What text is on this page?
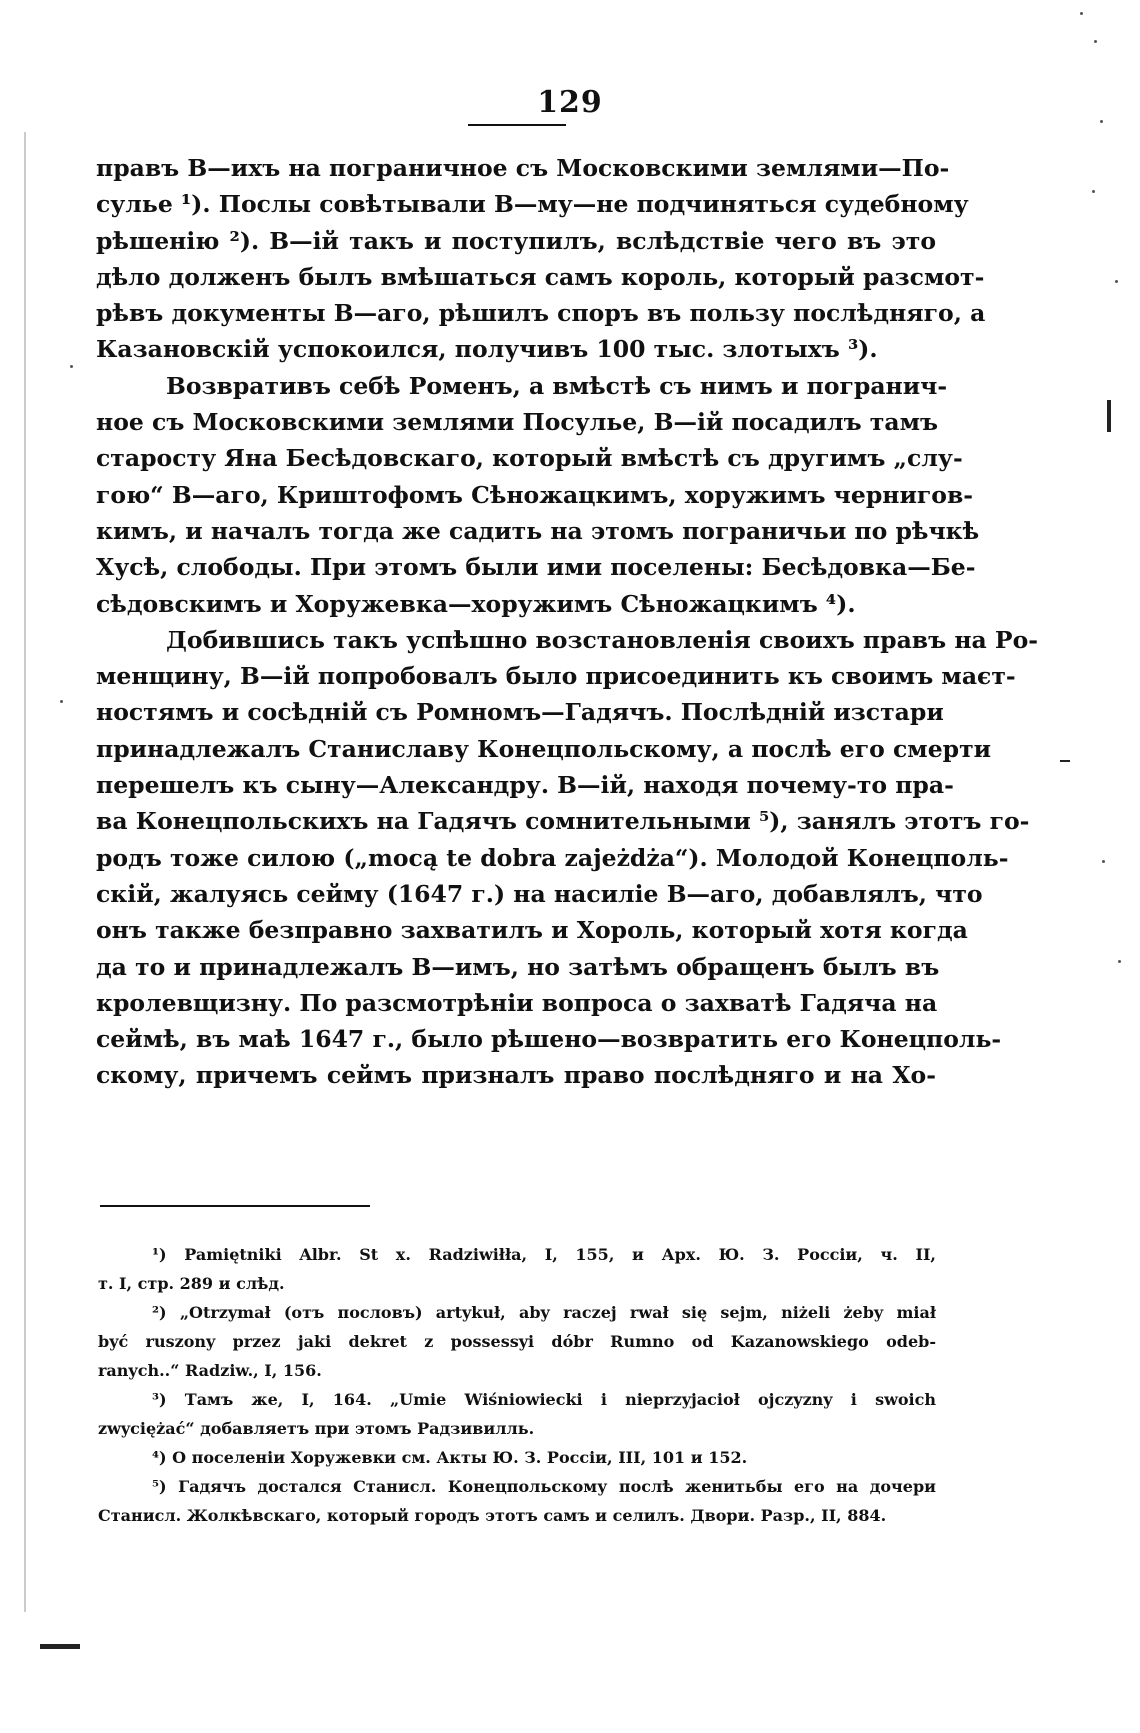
129

правъ В—ихъ на пограничное съ Московскими землями—По-
сулье ¹). Послы совѣтывали В—му—не подчиняться судебному
рѣшенію ²). В—ій такъ и поступилъ, вслѣдствіе чего въ это
дѣло долженъ былъ вмѣшаться самъ король, который разсмот-
рѣвъ документы В—аго, рѣшилъ споръ въ пользу послѣдняго, а
Казановскій успокоился, получивъ 100 тыс. злотыхъ ³).

Возвративъ себѣ Роменъ, а вмѣстѣ съ нимъ и погранич-
ное съ Московскими землями Посулье, В—ій посадилъ тамъ
старосту Яна Бесѣдовскаго, который вмѣстѣ съ другимъ „слу-
гою“ В—аго, Криштофомъ Сѣножацкимъ, хоружимъ чернигов-
кимъ, и началъ тогда же садить на этомъ пограничьи по рѣчкѣ
Хусѣ, слободы. При этомъ были ими поселены: Бесѣдовка—Бе-
сѣдовскимъ и Хоружевка—хоружимъ Сѣножацкимъ ⁴).

Добившись такъ успѣшно возстановленія своихъ правъ на Ро-
менщину, В—ій попробовалъ было присоединить къ своимъ маєт-
ностямъ и сосѣдній съ Ромномъ—Гадячъ. Послѣдній изстари
принадлежалъ Станиславу Конецпольскому, а послѣ его смерти
перешелъ къ сыну—Александру. В—ій, находя почему-то пра-
ва Конецпольскихъ на Гадячъ сомнительными ⁵), занялъ этотъ го-
родъ тоже силою („mocą te dobra zajeżdża“). Молодой Конецполь-
скій, жалуясь сейму (1647 г.) на насиліе В—аго, добавлялъ, что
онъ также безправно захватилъ и Хороль, который хотя когда
да то и принадлежалъ В—имъ, но затѣмъ обращенъ былъ въ
кролевщизну. По разсмотрѣніи вопроса о захватѣ Гадяча на
сеймѣ, въ маѣ 1647 г., было рѣшено—возвратить его Конецполь-
скому, причемъ сеймъ призналъ право послѣдняго и на Хо-

¹) Pamiętniki Albr. St x. Radziwiłła, I, 155, и Арх. Ю. З. Россіи, ч. II,
т. I, стр. 289 и слѣд.

²) „Otrzymał (отъ пословъ) artykuł, aby raczej rwał się sejm, niżeli żeby miał
być ruszony przez jaki dekret z possessyi dóbr Rumno od Kazanowskiego odeb-
ranych..“ Radziw., I, 156.

³) Тамъ же, I, 164. „Umie Wiśniowiecki i nieprzyjacioł ojczyzny i swoich
zwyciężać“ добавляетъ при этомъ Радзивилль.

⁴) О поселеніи Хоружевки см. Акты Ю. З. Россіи, III, 101 и 152.

⁵) Гадячъ достался Станисл. Конецпольскому послѣ женитьбы его на дочери
Станисл. Жолкѣвскаго, который городъ этотъ самъ и селилъ. Двори. Разр., II, 884.
